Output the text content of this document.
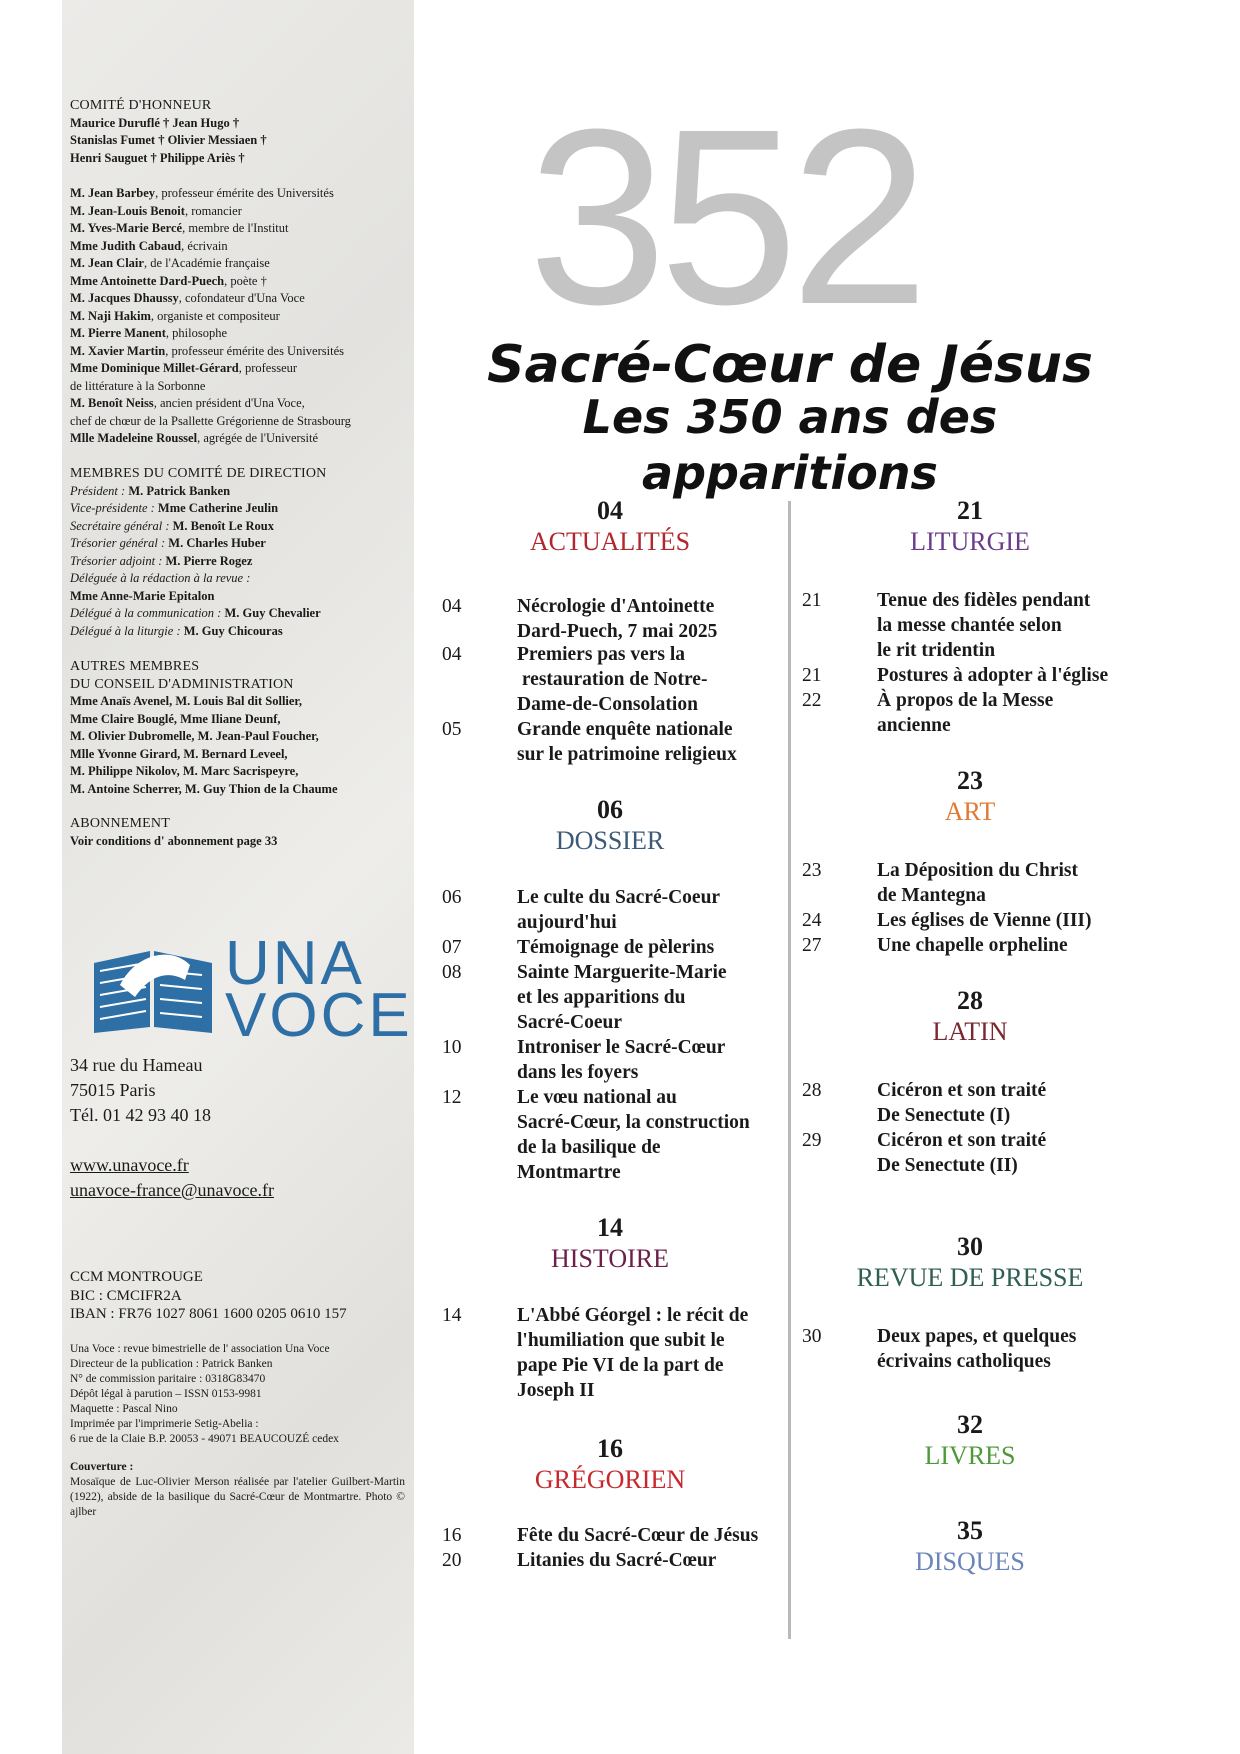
COMITÉ D'HONNEUR

Maurice Duruflé † Jean Hugo †

Stanislas Fumet † Olivier Messiaen †

Henri Sauguet † Philippe Ariès †

M. Jean Barbey, professeur émérite des Universités

M. Jean-Louis Benoit, romancier

M. Yves-Marie Bercé, membre de l'Institut

Mme Judith Cabaud, écrivain

M. Jean Clair, de l'Académie française

Mme Antoinette Dard-Puech, poète †

M. Jacques Dhaussy, cofondateur d'Una Voce

M. Naji Hakim, organiste et compositeur

M. Pierre Manent, philosophe

M. Xavier Martin, professeur émérite des Universités

Mme Dominique Millet-Gérard, professeur

de littérature à la Sorbonne

M. Benoît Neiss, ancien président d'Una Voce,

chef de chœur de la Psallette Grégorienne de Strasbourg

Mlle Madeleine Roussel, agrégée de l'Université

MEMBRES DU COMITÉ DE DIRECTION

Président : M. Patrick Banken

Vice-présidente : Mme Catherine Jeulin

Secrétaire général : M. Benoît Le Roux

Trésorier général : M. Charles Huber

Trésorier adjoint : M. Pierre Rogez

Déléguée à la rédaction à la revue :

Mme Anne-Marie Epitalon

Délégué à la communication : M. Guy Chevalier

Délégué à la liturgie : M. Guy Chicouras

AUTRES MEMBRES

DU CONSEIL D'ADMINISTRATION

Mme Anaïs Avenel, M. Louis Bal dit Sollier,

Mme Claire Bouglé, Mme Iliane Deunf,

M. Olivier Dubromelle, M. Jean-Paul Foucher,

Mlle Yvonne Girard, M. Bernard Leveel,

M. Philippe Nikolov, M. Marc Sacrispeyre,

M. Antoine Scherrer, M. Guy Thion de la Chaume

ABONNEMENT

Voir conditions d' abonnement page 33

UNA
VOCE

34 rue du Hameau

75015 Paris

Tél. 01 42 93 40 18

www.unavoce.fr

unavoce-france@unavoce.fr

CCM MONTROUGE

BIC : CMCIFR2A

IBAN : FR76 1027 8061 1600 0205 0610 157

Una Voce : revue bimestrielle de l' association Una Voce

Directeur de la publication : Patrick Banken

N° de commission paritaire : 0318G83470

Dépôt légal à parution – ISSN 0153-9981

Maquette : Pascal Nino

Imprimée par l'imprimerie Setig-Abelia :

6 rue de la Claie B.P. 20053 - 49071 BEAUCOUZÉ cedex

Couverture :

Mosaïque de Luc-Olivier Merson réalisée par l'atelier Guilbert-Martin (1922), abside de la basilique du Sacré-Cœur de Montmartre. Photo © ajlber

352
Sacré-Cœur de Jésus
Les 350 ans des apparitions
04
ACTUALITÉS
04	Nécrologie d'Antoinette
Dard-Puech, 7 mai 2025
04	Premiers pas vers la
restauration de Notre-
Dame-de-Consolation
05	Grande enquête nationale
sur le patrimoine religieux
06
DOSSIER
06	Le culte du Sacré-Coeur
aujourd'hui
07	Témoignage de pèlerins
08	Sainte Marguerite-Marie
et les apparitions du
Sacré-Coeur
10	Introniser le Sacré-Cœur
dans les foyers
12	Le vœu national au
Sacré-Cœur, la construction
de la basilique de
Montmartre
14
HISTOIRE
14	L'Abbé Géorgel : le récit de
l'humiliation que subit le
pape Pie VI de la part de
Joseph II
16
GRÉGORIEN
16	Fête du Sacré-Cœur de Jésus
20	Litanies du Sacré-Cœur
21
LITURGIE
21	Tenue des fidèles pendant
la messe chantée selon
le rit tridentin
21	Postures à adopter à l'église
22	À propos de la Messe
ancienne
23
ART
23	La Déposition du Christ
de Mantegna
24	Les églises de Vienne (III)
27	Une chapelle orpheline
28
LATIN
28	Cicéron et son traité
De Senectute (I)
29	Cicéron et son traité
De Senectute (II)
30
REVUE DE PRESSE
30	Deux papes, et quelques
écrivains catholiques
32
LIVRES
35
DISQUES
